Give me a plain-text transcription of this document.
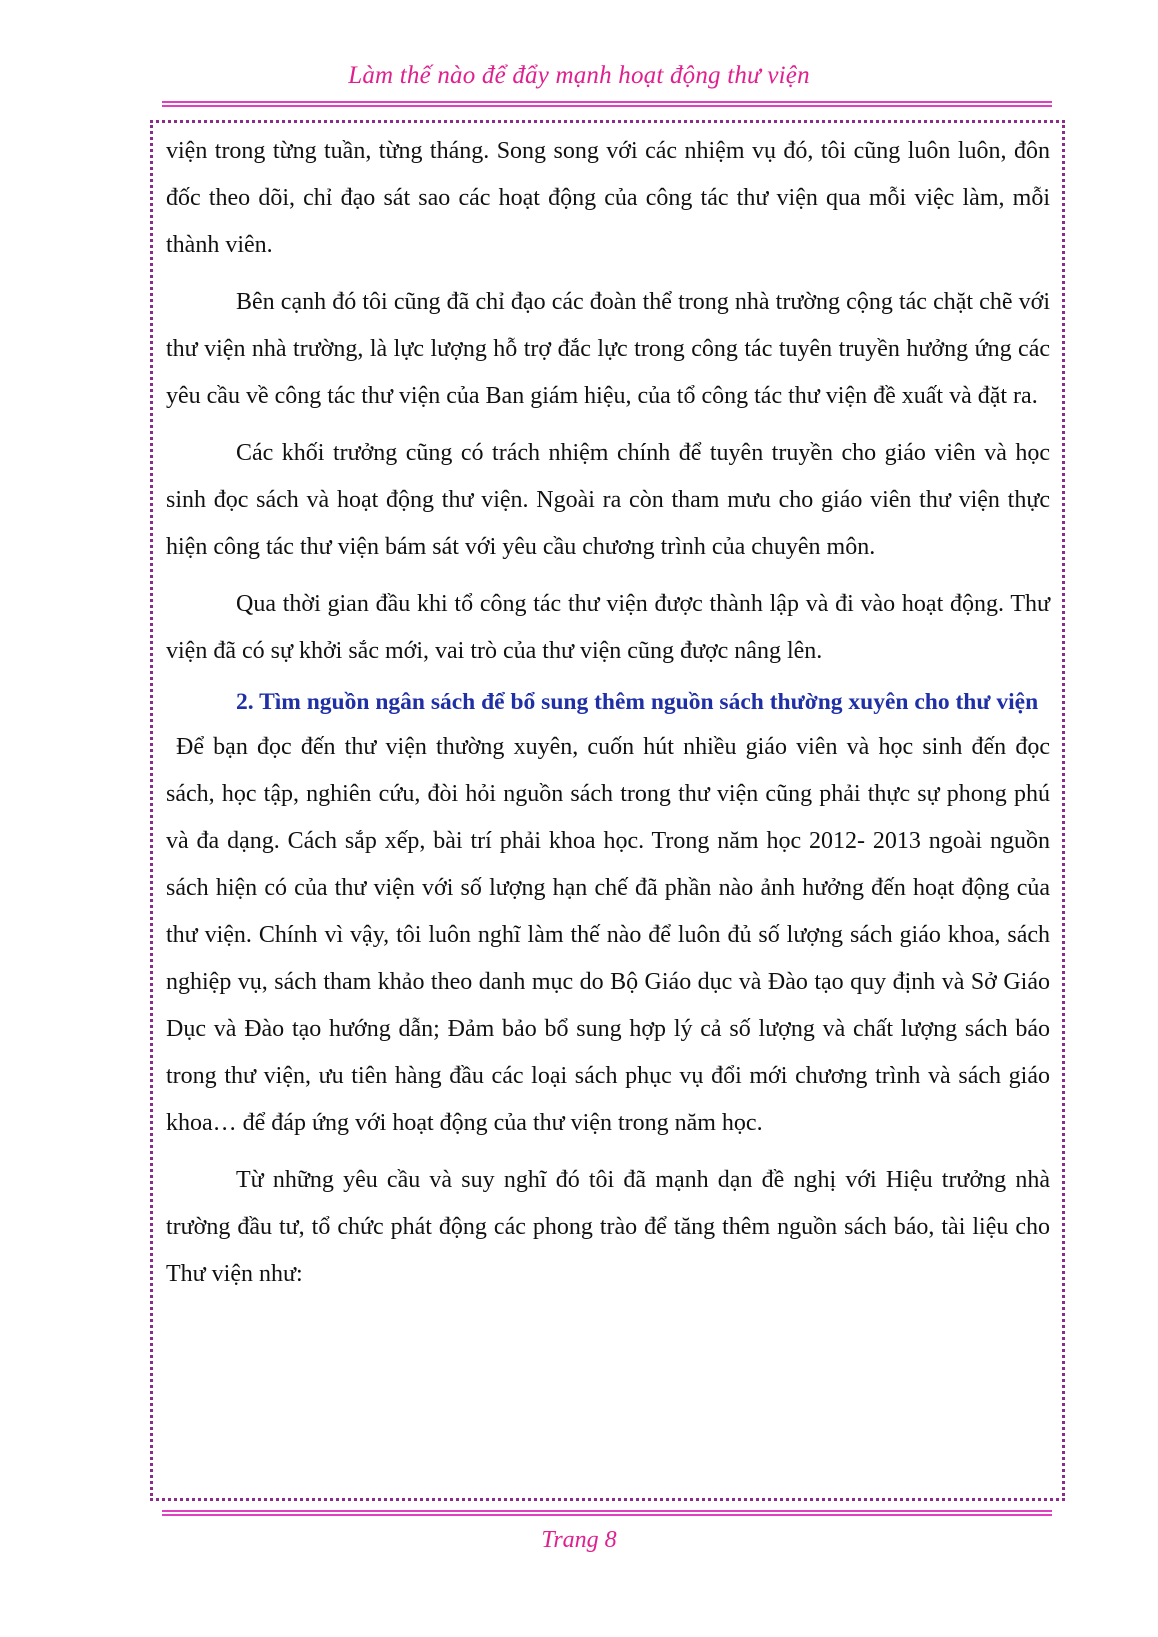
Làm thế nào để đẩy mạnh hoạt động thư viện

viện trong từng tuần, từng tháng. Song song với các nhiệm vụ đó, tôi cũng luôn luôn, đôn đốc theo dõi, chỉ đạo sát sao các hoạt động của công tác thư viện qua mỗi việc làm, mỗi thành viên.

Bên cạnh đó tôi cũng đã chỉ đạo các đoàn thể trong nhà trường cộng tác chặt chẽ với thư viện nhà trường, là lực lượng hỗ trợ đắc lực trong công tác tuyên truyền hưởng ứng các yêu cầu về công tác thư viện của Ban giám hiệu, của tổ công tác thư viện đề xuất và đặt ra.

Các khối trưởng cũng có trách nhiệm chính để tuyên truyền cho giáo viên và học sinh đọc sách và hoạt động thư viện. Ngoài ra còn tham mưu cho giáo viên thư viện thực hiện công tác thư viện bám sát với yêu cầu chương trình của chuyên môn.

Qua thời gian đầu khi tổ công tác thư viện được thành lập và đi vào hoạt động. Thư viện đã có sự khởi sắc mới, vai trò của thư viện cũng được nâng lên.

2. Tìm nguồn ngân sách để bổ sung thêm nguồn sách thường xuyên cho thư viện

Để bạn đọc đến thư viện thường xuyên, cuốn hút nhiều giáo viên và học sinh đến đọc sách, học tập, nghiên cứu, đòi hỏi nguồn sách trong thư viện cũng phải thực sự phong phú và đa dạng. Cách sắp xếp, bài trí phải khoa học. Trong năm học 2012- 2013 ngoài nguồn sách hiện có của thư viện với số lượng hạn chế đã phần nào ảnh hưởng đến hoạt động của thư viện. Chính vì vậy, tôi luôn nghĩ làm thế nào để luôn đủ số lượng sách giáo khoa, sách nghiệp vụ, sách tham khảo theo danh mục do Bộ Giáo dục và Đào tạo quy định và Sở Giáo Dục và Đào tạo hướng dẫn; Đảm bảo bổ sung hợp lý cả số lượng và chất lượng sách báo trong thư viện, ưu tiên hàng đầu các loại sách phục vụ đổi mới chương trình và sách giáo khoa… để đáp ứng với hoạt động của thư viện trong năm học.

Từ những yêu cầu và suy nghĩ đó tôi đã mạnh dạn đề nghị với Hiệu trưởng nhà trường đầu tư, tổ chức phát động các phong trào để tăng thêm nguồn sách báo, tài liệu cho Thư viện như:

Trang 8
